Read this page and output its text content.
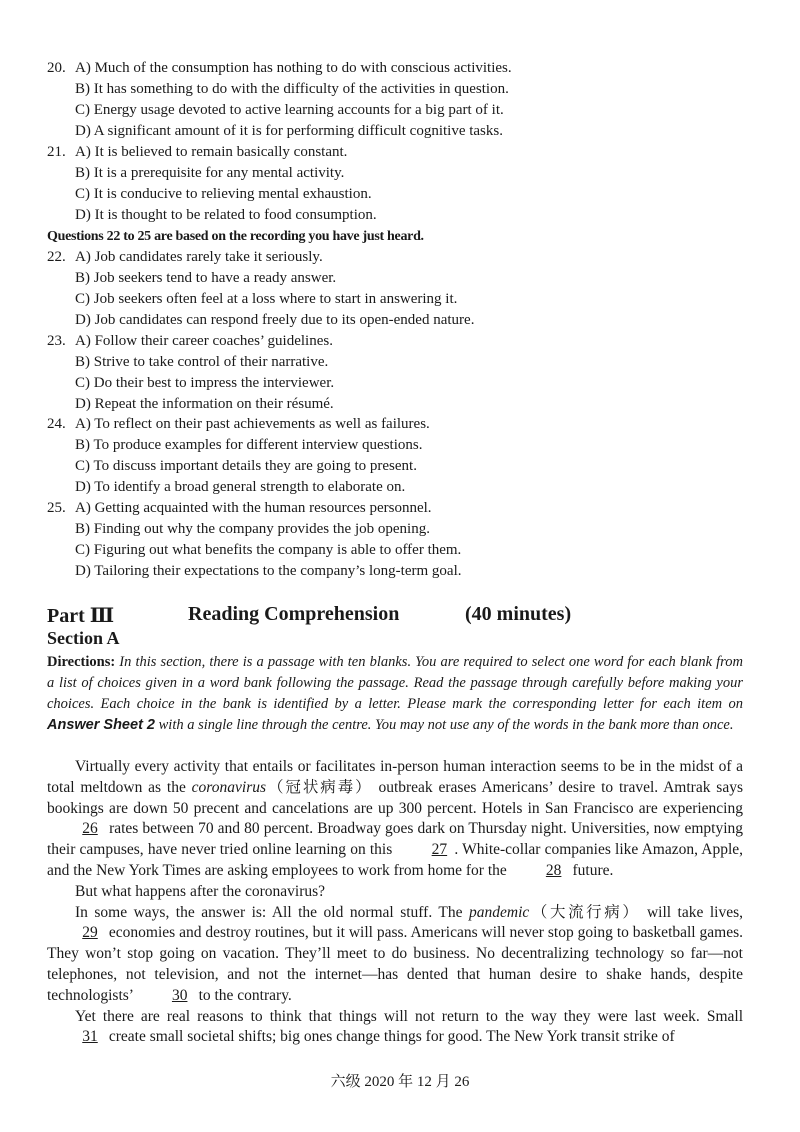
20. A) Much of the consumption has nothing to do with conscious activities.
B) It has something to do with the difficulty of the activities in question.
C) Energy usage devoted to active learning accounts for a big part of it.
D) A significant amount of it is for performing difficult cognitive tasks.
21. A) It is believed to remain basically constant.
B) It is a prerequisite for any mental activity.
C) It is conducive to relieving mental exhaustion.
D) It is thought to be related to food consumption.
Questions 22 to 25 are based on the recording you have just heard.
22. A) Job candidates rarely take it seriously.
B) Job seekers tend to have a ready answer.
C) Job seekers often feel at a loss where to start in answering it.
D) Job candidates can respond freely due to its open-ended nature.
23. A) Follow their career coaches’ guidelines.
B) Strive to take control of their narrative.
C) Do their best to impress the interviewer.
D) Repeat the information on their résumé.
24. A) To reflect on their past achievements as well as failures.
B) To produce examples for different interview questions.
C) To discuss important details they are going to present.
D) To identify a broad general strength to elaborate on.
25. A) Getting acquainted with the human resources personnel.
B) Finding out why the company provides the job opening.
C) Figuring out what benefits the company is able to offer them.
D) Tailoring their expectations to the company’s long-term goal.
Part Ⅲ	Reading Comprehension	(40 minutes)
Section A
Directions: In this section, there is a passage with ten blanks. You are required to select one word for each blank from a list of choices given in a word bank following the passage. Read the passage through carefully before making your choices. Each choice in the bank is identified by a letter. Please mark the corresponding letter for each item on Answer Sheet 2 with a single line through the centre. You may not use any of the words in the bank more than once.

Virtually every activity that entails or facilitates in-person human interaction seems to be in the midst of a total meltdown as the coronavirus（冠状病毒） outbreak erases Americans’ desire to travel. Amtrak says bookings are down 50 precent and cancelations are up 300 percent. Hotels in San Francisco are experiencing 26 rates between 70 and 80 percent. Broadway goes dark on Thursday night. Universities, now emptying their campuses, have never tried online learning on this 27 . White-collar companies like Amazon, Apple, and the New York Times are asking employees to work from home for the 28 future.

But what happens after the coronavirus?

In some ways, the answer is: All the old normal stuff. The pandemic（大流行病） will take lives, 29 economies and destroy routines, but it will pass. Americans will never stop going to basketball games. They won’t stop going on vacation. They’ll meet to do business. No decentralizing technology so far—not telephones, not television, and not the internet—has dented that human desire to shake hands, despite technologists’ 30 to the contrary.

Yet there are real reasons to think that things will not return to the way they were last week. Small 31 create small societal shifts; big ones change things for good. The New York transit strike of

六级 2020 年 12 月 26
